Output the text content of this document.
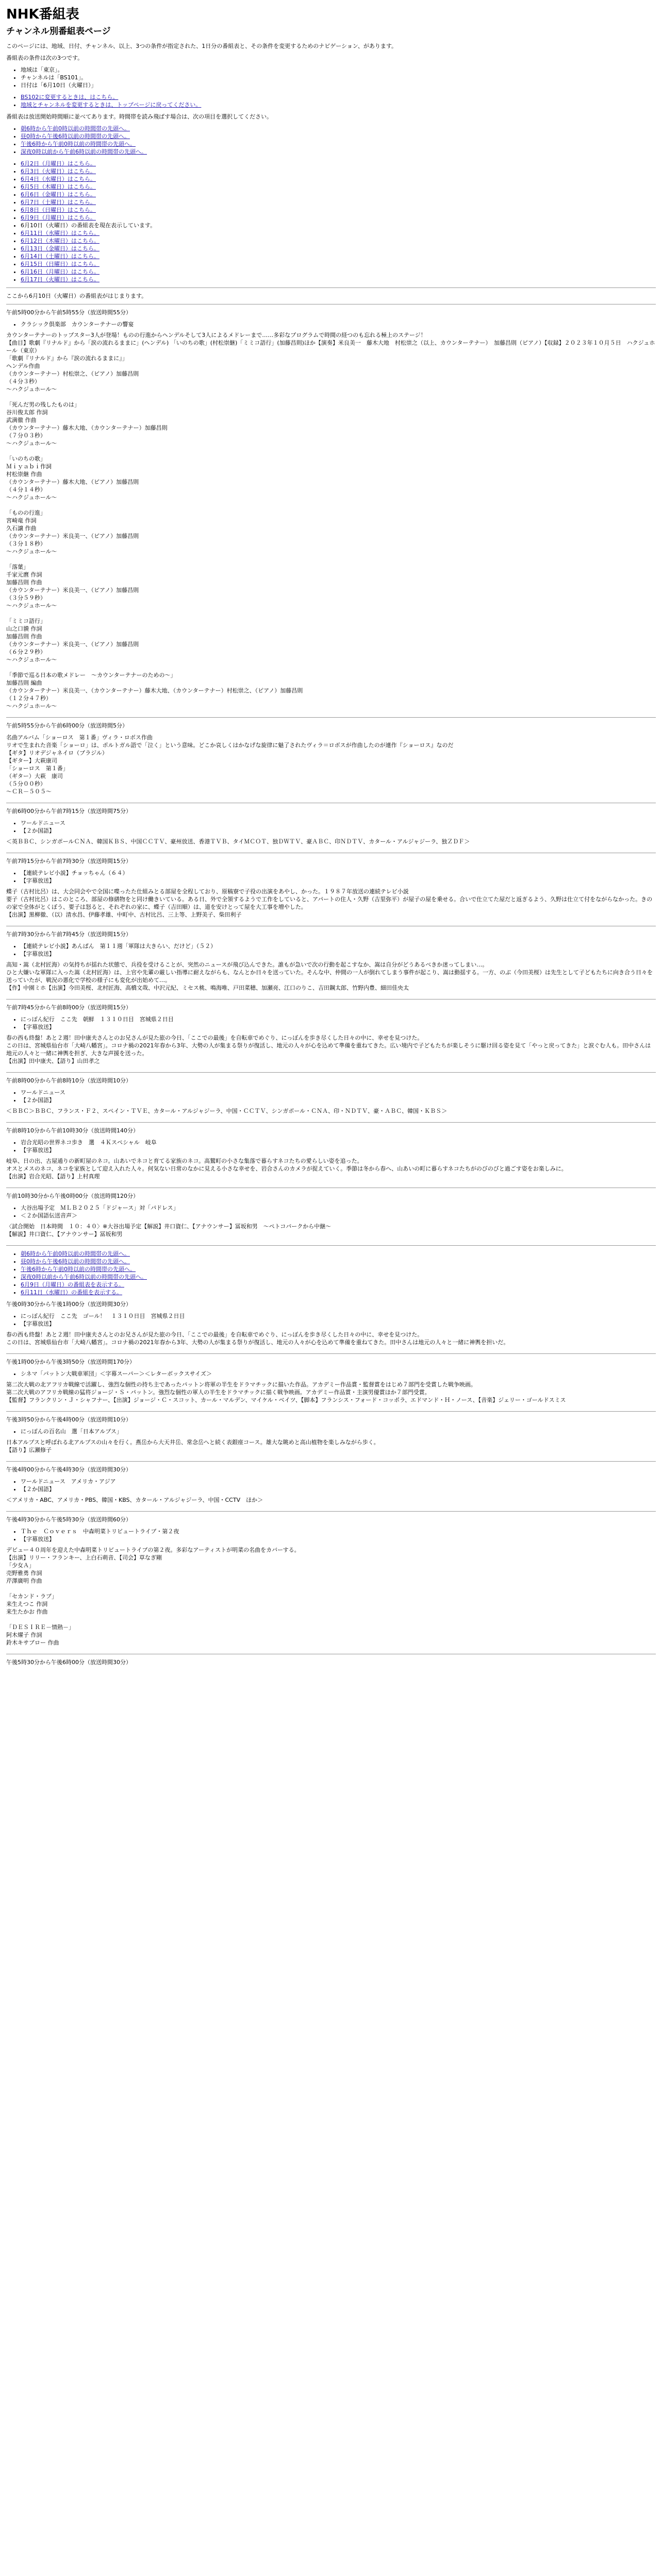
NHK番組表
チャンネル別番組表ページ

このページには、地域、日付、チャンネル、以上、3つの条件が指定された、1日分の番組表と、その条件を変更するためのナビゲーション、があります。

番組表の条件は次の3つです。

• 地域は「東京」。
• チャンネルは「BS101」。
• 日付は「6月10日（火曜日）」
• BS102に変更するときは、はこちら。
• 地域とチャンネルを変更するときは、トップページに戻ってください。

番組表は放送開始時間順に並べてあります。時間帯を読み飛ばす場合は、次の項目を選択してください。

• 朝6時から午前0時以前の時間帯の先頭へ。
• 昼0時から午後6時以前の時間帯の先頭へ。
• 午後6時から午前0時以前の時間帯の先頭へ。
• 深夜0時以前から午前6時以前の時間帯の先頭へ。
• 6月2日（月曜日）はこちら。
• 6月3日（火曜日）はこちら。
• 6月4日（水曜日）はこちら。
• 6月5日（木曜日）はこちら。
• 6月6日（金曜日）はこちら。
• 6月7日（土曜日）はこちら。
• 6月8日（日曜日）はこちら。
• 6月9日（月曜日）はこちら。
• 6月10日（火曜日）の番組表を現在表示しています。
• 6月11日（水曜日）はこちら。
• 6月12日（木曜日）はこちら。
• 6月13日（金曜日）はこちら。
• 6月14日（土曜日）はこちら。
• 6月15日（日曜日）はこちら。
• 6月16日（月曜日）はこちら。
• 6月17日（火曜日）はこちら。

ここから6月10日（火曜日）の番組表がはじまります。

午前5時00分から午前5時55分（放送時間55分）
• クラシック倶楽部　カウンターテナーの響宴
カウンターテナーのトップスター3人が登場！ものの行進からヘンデルそして3人によるメドレーまで……多彩なプログラムで時間の経つのも忘れる極上のステージ！
【曲目】歌劇『リナルド』から「涙の流れるままに」(ヘンデル) 「いのちの歌」(村松崇継)「ミミコ語行」(加藤昌則)ほか【演奏】米良美一　藤木大地　村松崇之（以上、カウンターテナー）　加藤昌則（ピアノ）【収録】２０２３年１０月５日　ハクジュホール（東京）
「歌劇『リナルド』から『涙の流れるままに』」
ヘンデル作曲
（カウンターテナー）村松崇之、（ピアノ）加藤昌則
（４分３秒）
～ハクジュホール～

「死んだ男の残したものは」
谷川俊太郎 作詞
武満徹 作曲
（カウンターテナー）藤木大地、（カウンターテナー）加藤昌則
（７分０３秒）
～ハクジュホール～

「いのちの歌」
Ｍｉｙａｂｉ作詞
村松崇継 作曲
（カウンターテナー）藤木大地、（ピアノ）加藤昌則
（４分１４秒）
～ハクジュホール～

「ものの行進」
宮崎竜 作詞
久石譲 作曲
（カウンターテナー）米良美一、（ピアノ）加藤昌則
（３分１８秒）
～ハクジュホール～

「落葉」
千家元麿 作詞
加藤昌則 作曲
（カウンターテナー）米良美一、（ピアノ）加藤昌則
（３分５９秒）
～ハクジュホール～

「ミミコ語行」
山之口貘 作詞
加藤昌則 作曲
（カウンターテナー）米良美一、（ピアノ）加藤昌則
（６分２９秒）
～ハクジュホール～

「季節で巡る日本の歌メドレー　～カウンターテナーのための～」
加藤昌則 編曲
（カウンターテナー）米良美一、（カウンターテナー）藤木大地、（カウンターテナー）村松崇之、（ピアノ）加藤昌則
（１２分４７秒）
～ハクジュホール～
午前5時55分から午前6時00分（放送時間5分）
名曲アルバム「ショーロス　第１番」ヴィラ・ロボス作曲
リオで生まれた音楽「ショーロ」は、ポルトガル語で「泣く」という意味。どこか哀しくはかなげな旋律に魅了されたヴィラ＝ロボスが作曲したのが連作『ショーロス』なのだ
【ギタ】リオデジャネイロ（ブラジル）
【ギター】大萩康司
「ショーロス　第１番」
（ギター）大萩　康司
（５分００秒）
～ＣＲ－５０５～
午前6時00分から午前7時15分（放送時間75分）
• ワールドニュース
• 【２か国語】
＜英ＢＢＣ、シンガポールＣＮＡ、韓国ＫＢＳ、中国ＣＣＴＶ、豪州放送、香港ＴＶＢ、タイＭＣＯＴ、独ＤＷＴＶ、豪ＡＢＣ、印ＮＤＴＶ、カタール・アルジャジーラ、独ＺＤＦ＞
午前7時15分から午前7時30分（放送時間15分）
• 【連続テレビ小説】チョッちゃん（６４）
• 【字幕放送】
蝶子（古村比呂）は、大会同会やで全国に喋ったた仕組みとる部屋を全程しており、原稿寮で子役の出演をあやし、かった。１９８７年放送の連続テレビ小説
要子（古村比呂）はこのところ、部屋の修繕物をと同け働きいている。ある日、外で全領するようで工作をしていると、アパートの住人・久野（吉里弥平）が屋子の屋を乗せる。合いで仕立てた屋だと返ぎるよう、久野は仕立て付をながらなかった。きのの家で全体がとくぼう、要子は怒ると、それぞれの家に、蝶子（吉田順）は、道を安けとって屋を大工事を増やした。
【出演】黒柳徹、（以）清水昌、伊藤孝雄、中町中、古村比呂、三上等、上野美子、柴田利子
午前7時30分から午前7時45分（放送時間15分）
• 【連続テレビ小説】あんぱん　第１１週「軍隊は大きらい、だけど」（５２）
• 【字幕放送】
高知・嵩（北村匠海）の気持ちが揺れた状態で、兵役を受けることが、突然のニュースが飛び込んできた。誰もが急いで次の行動を起こすなか、嵩は自分がどうあるべきか迷ってしまい…。
ひと大嫌いな軍隊に入った嵩（北村匠海）は、上官や先輩の厳しい指導に耐えながらも、なんとか日々を送っていた。そんな中、仲間の一人が倒れてしまう事件が起こり、嵩は動揺する。一方、のぶ（今田美桜）は先生として子どもたちに向き合う日々を送っていたが、戦況の悪化で学校の様子にも変化が出始めて…。
【作】中園ミホ【出演】今田美桜、北村匠海、高橋文哉、中沢元紀、ミセス桃、鳴海唯、戸田菜穂、加瀬亮、江口のりこ、吉田鋼太郎、竹野内豊、細田佳央太
午前7時45分から午前8時00分（放送時間15分）
• にっぽん紀行　ここ先　朝鮮　１３１０日目　宮城県２日目
• 【字幕放送】
春の西も終盤！あと２週！田中康夫さんとのお兄さんが見た旅の今日、「ここでの最後」を自転車でめぐり、にっぽんを歩き尽くした日々の中に、幸せを見つけた。
この日は、宮城県仙台市「大崎八幡宮」。コロナ禍の2021年春から3年、大勢の人が集まる祭りが復活し、地元の人々が心を込めて準備を重ねてきた。広い境内で子どもたちが楽しそうに駆け回る姿を見て「やっと戻ってきた」と涙ぐむ人も。田中さんは地元の人々と一緒に神輿を担ぎ、大きな声援を送った。
【出演】田中康夫、【語り】山田孝之
午前8時00分から午前8時10分（放送時間10分）
• ワールドニュース
• 【２か国語】
＜ＢＢＣ＞ＢＢＣ、フランス・Ｆ２、スペイン・ＴＶＥ、カタール・アルジャジーラ、中国・ＣＣＴＶ、シンガポール・ＣＮＡ、印・ＮＤＴＶ、豪・ＡＢＣ、韓国・ＫＢＳ＞
午前8時10分から午前10時30分（放送時間140分）
• 岩合光昭の世界ネコ歩き　選　４Ｋスペシャル　岐阜
• 【字幕放送】
岐阜、日の出、古屋通りの新町屋のネコ。山あいでネコと育てる家族のネコ。高鷲町の小さな集落で暮らすネコたちの愛らしい姿を追った。
オスとメスのネコ、ネコを家族として迎え入れた人々。何気ない日常のなかに見える小さな幸せを、岩合さんのカメラが捉えていく。季節は冬から春へ、山あいの町に暮らすネコたちがのびのびと過ごす姿をお楽しみに。
【出演】岩合光昭、【語り】上村真理
午前10時30分から午後0時00分（放送時間120分）
• 大谷出場予定　ＭＬＢ２０２５「ドジャース」対「パドレス」
• ＜２か国語伝送音声＞
〈試合開始　日本時間　１０：４０〉※大谷出場予定【解説】井口資仁、【アナウンサー】冨坂和男　～ペトコパークから中継～
【解説】井口資仁、【アナウンサー】冨坂和男
• 朝6時から午前0時以前の時間帯の先頭へ。
• 昼0時から午後6時以前の時間帯の先頭へ。
• 午後6時から午前0時以前の時間帯の先頭へ。
• 深夜0時以前から午前6時以前の時間帯の先頭へ。
• 6月9日（月曜日）の番組表を表示する。
• 6月11日（水曜日）の番組を表示する。
午後0時30分から午後1時00分（放送時間30分）
• にっぽん紀行　ここ先　ゴール！　１３１０日目　宮城県２日目
• 【字幕放送】
春の西も終盤！あと２週！田中康夫さんとのお兄さんが見た旅の今日、「ここでの最後」を自転車でめぐり、にっぽんを歩き尽くした日々の中に、幸せを見つけた。
この日は、宮城県仙台市「大崎八幡宮」。コロナ禍の2021年春から3年、大勢の人が集まる祭りが復活し、地元の人々が心を込めて準備を重ねてきた。田中さんは地元の人々と一緒に神輿を担いだ。
午後1時00分から午後3時50分（放送時間170分）
• シネマ「パットン大戦車軍団」＜字幕スーパー＞＜レターボックスサイズ＞
第二次大戦の北アフリカ戦線で活躍し、強烈な個性の持ち主であったパットン将軍の半生をドラマチックに描いた作品。アカデミー作品賞・監督賞をはじめ７部門を受賞した戦争映画。
第二次大戦のアフリカ戦線の猛将ジョージ・Ｓ・パットン。強烈な個性の軍人の半生をドラマチックに描く戦争映画。アカデミー作品賞・主演男優賞ほか７部門受賞。
【監督】フランクリン・Ｊ・シャフナー、【出演】ジョージ・Ｃ・スコット、カール・マルデン、マイケル・ベイツ、【脚本】フランシス・フォード・コッポラ、エドマンド・Ｈ・ノース、【音楽】ジェリー・ゴールドスミス
午後3時50分から午後4時00分（放送時間10分）
• にっぽんの百名山　選「日本アルプス」
日本アルプスと呼ばれる北アルプスの山々を行く。燕岳から大天井岳、常念岳へと続く表銀座コース。雄大な眺めと高山植物を楽しみながら歩く。
【語り】広瀬修子
午後4時00分から午後4時30分（放送時間30分）
• ワールドニュース　アメリカ・アジア
• 【２か国語】
＜アメリカ・ABC、アメリカ・PBS、韓国・KBS、カタール・アルジャジーラ、中国・CCTV　ほか＞
午後4時30分から午後5時30分（放送時間60分）
• Ｔｈｅ　Ｃｏｖｅｒｓ　中森明菜トリビュートライブ・第２夜
• 【字幕放送】
デビュー４０周年を迎えた中森明菜トリビュートライブの第２夜。多彩なアーティストが明菜の名曲をカバーする。
【出演】リリー・フランキー、上白石萌音、【司会】草なぎ剛
「少女Ａ」
売野雅勇 作詞
芹澤廣明 作曲

「セカンド・ラブ」
来生えつこ 作詞
来生たかお 作曲

「ＤＥＳＩＲＥ－情熱－」
阿木燿子 作詞
鈴木キサブロー 作曲
午後5時30分から午後6時00分（放送時間30分）
